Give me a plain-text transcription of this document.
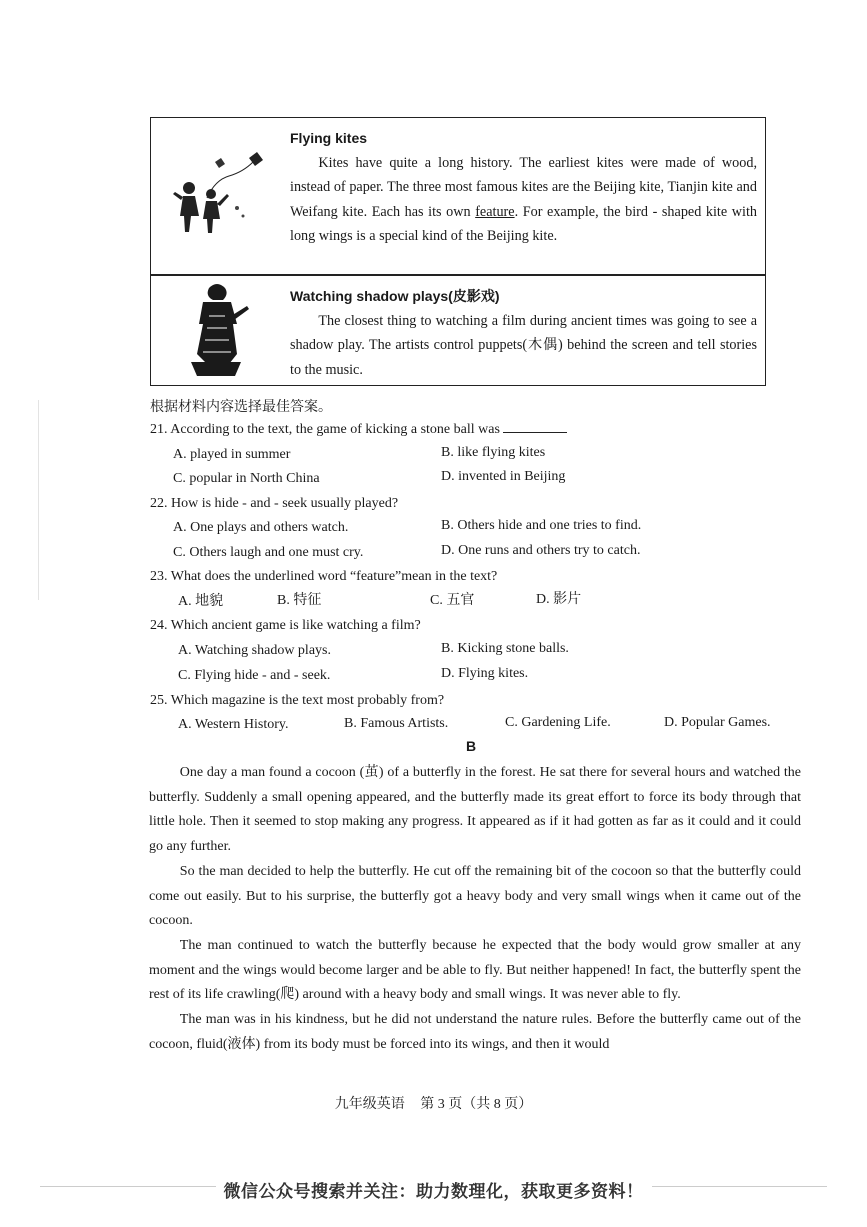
Flying kites
Kites have quite a long history. The earliest kites were made of wood, instead of paper. The three most famous kites are the Beijing kite, Tianjin kite and Weifang kite. Each has its own feature. For example, the bird - shaped kite with long wings is a special kind of the Beijing kite.
Watching shadow plays(皮影戏)
The closest thing to watching a film during ancient times was going to see a shadow play. The artists control puppets(木偶) behind the screen and tell stories to the music.
根据材料内容选择最佳答案。
21. According to the text, the game of kicking a stone ball was
A. played in summer	B. like flying kites
C. popular in North China	D. invented in Beijing
22. How is hide - and - seek usually played?
A. One plays and others watch.	B. Others hide and one tries to find.
C. Others laugh and one must cry.	D. One runs and others try to catch.
23. What does the underlined word “feature”mean in the text?
A. 地貌	B. 特征	C. 五官	D. 影片
24. Which ancient game is like watching a film?
A. Watching shadow plays.	B. Kicking stone balls.
C. Flying hide - and - seek.	D. Flying kites.
25. Which magazine is the text most probably from?
A. Western History.	B. Famous Artists.	C. Gardening Life.	D. Popular Games.
B

One day a man found a cocoon (茧) of a butterfly in the forest. He sat there for several hours and watched the butterfly. Suddenly a small opening appeared, and the butterfly made its great effort to force its body through that little hole. Then it seemed to stop making any progress. It appeared as if it had gotten as far as it could and it could go any further.

So the man decided to help the butterfly. He cut off the remaining bit of the cocoon so that the butterfly could come out easily. But to his surprise, the butterfly got a heavy body and very small wings when it came out of the cocoon.

The man continued to watch the butterfly because he expected that the body would grow smaller at any moment and the wings would become larger and be able to fly. But neither happened! In fact, the butterfly spent the rest of its life crawling(爬) around with a heavy body and small wings. It was never able to fly.

The man was in his kindness, but he did not understand the nature rules. Before the butterfly came out of the cocoon, fluid(液体) from its body must be forced into its wings, and then it would

九年级英语 第 3 页（共 8 页）
微信公众号搜索并关注：助力数理化，获取更多资料！
